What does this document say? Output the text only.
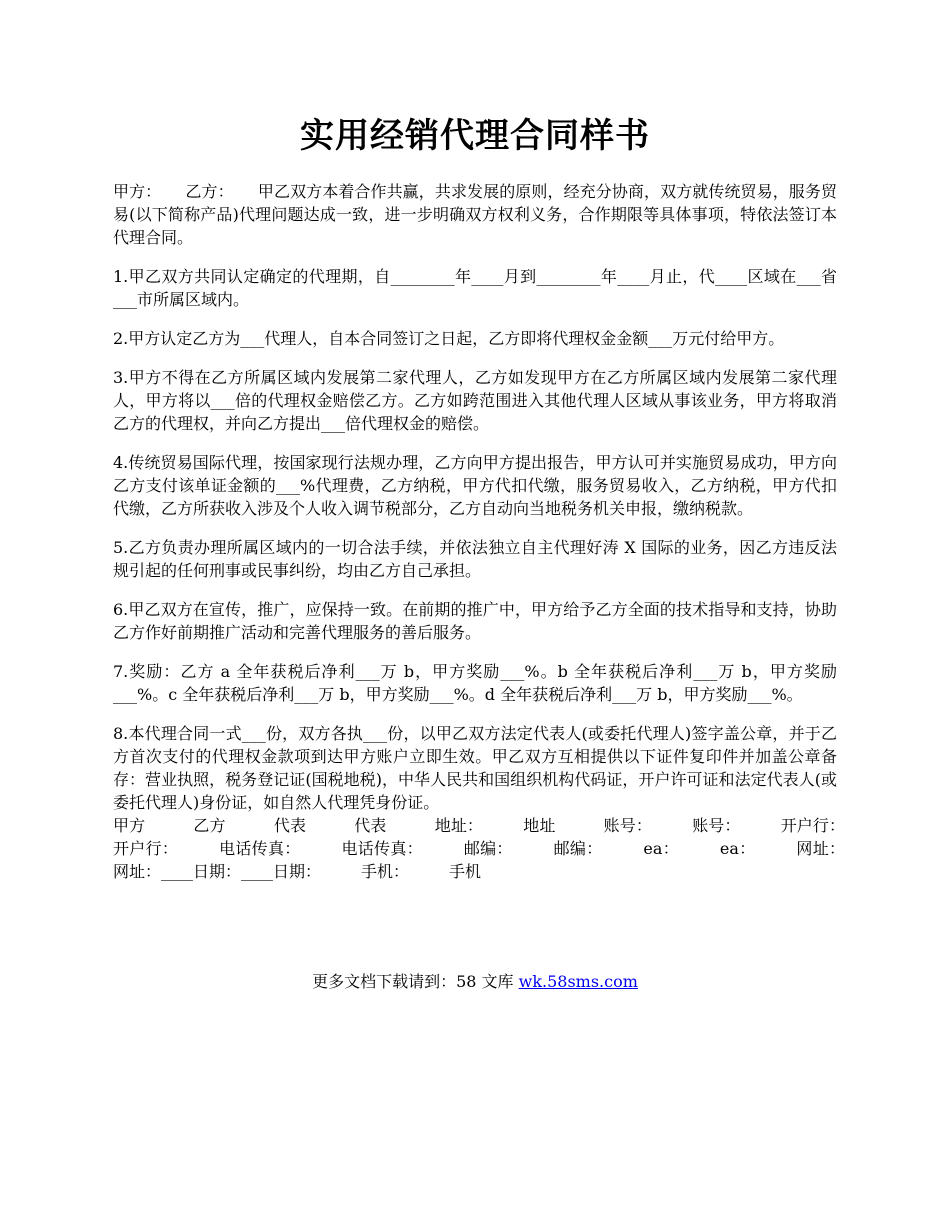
实用经销代理合同样书

甲方：　　乙方：　　甲乙双方本着合作共赢，共求发展的原则，经充分协商，双方就传统贸易，服务贸易(以下简称产品)代理问题达成一致，进一步明确双方权利义务，合作期限等具体事项，特依法签订本代理合同。

1.甲乙双方共同认定确定的代理期，自________年____月到________年____月止，代____区域在___省___市所属区域内。

2.甲方认定乙方为___代理人，自本合同签订之日起，乙方即将代理权金金额___万元付给甲方。

3.甲方不得在乙方所属区域内发展第二家代理人，乙方如发现甲方在乙方所属区域内发展第二家代理人，甲方将以___倍的代理权金赔偿乙方。乙方如跨范围进入其他代理人区域从事该业务，甲方将取消乙方的代理权，并向乙方提出___倍代理权金的赔偿。

4.传统贸易国际代理，按国家现行法规办理，乙方向甲方提出报告，甲方认可并实施贸易成功，甲方向乙方支付该单证金额的___%代理费，乙方纳税，甲方代扣代缴，服务贸易收入，乙方纳税，甲方代扣代缴，乙方所获收入涉及个人收入调节税部分，乙方自动向当地税务机关申报，缴纳税款。

5.乙方负责办理所属区域内的一切合法手续，并依法独立自主代理好涛 X 国际的业务，因乙方违反法规引起的任何刑事或民事纠纷，均由乙方自己承担。

6.甲乙双方在宣传，推广，应保持一致。在前期的推广中，甲方给予乙方全面的技术指导和支持，协助乙方作好前期推广活动和完善代理服务的善后服务。

7.奖励：乙方 a 全年获税后净利___万 b，甲方奖励___%。b 全年获税后净利___万 b，甲方奖励___%。c 全年获税后净利___万 b，甲方奖励___%。d 全年获税后净利___万 b，甲方奖励___%。

8.本代理合同一式___份，双方各执___份，以甲乙双方法定代表人(或委托代理人)签字盖公章，并于乙方首次支付的代理权金款项到达甲方账户立即生效。甲乙双方互相提供以下证件复印件并加盖公章备存：营业执照，税务登记证(国税地税)，中华人民共和国组织机构代码证，开户许可证和法定代表人(或委托代理人)身份证，如自然人代理凭身份证。

甲方　　　乙方　　　代表　　　代表　　　地址：　　　地址　　　账号：　　　账号：　　　开户行：　　开户行：　　　电话传真：　　　电话传真：　　　邮编：　　　邮编：　　　ea：　　　ea：　　　网址：　　网址：____日期：____日期：　　　手机：　　　手机

更多文档下载请到：58 文库 wk.58sms.com
